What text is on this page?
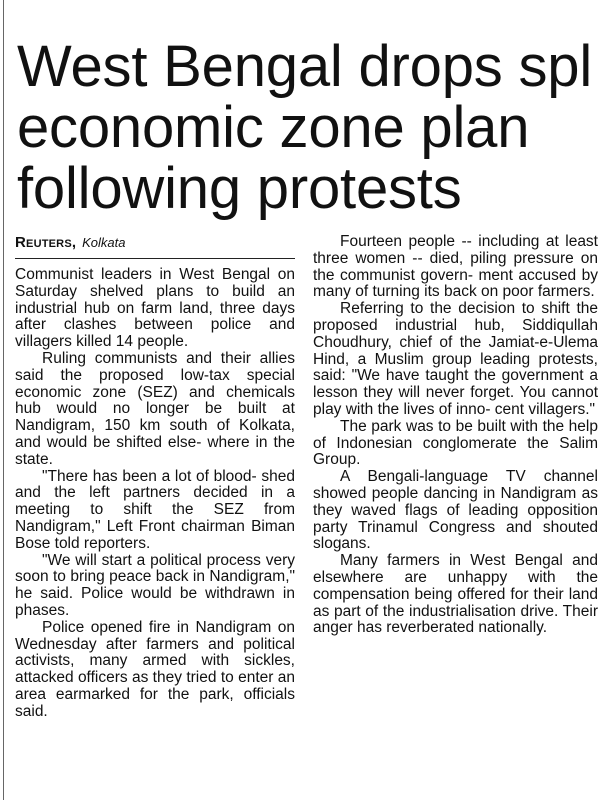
West Bengal drops spl
economic zone plan
following protests
Reuters, Kolkata

Communist leaders in West Bengal on Saturday shelved plans to build an industrial hub on farm land, three days after clashes between police and villagers killed 14 people.

Ruling communists and their allies said the proposed low-tax special economic zone (SEZ) and chemicals hub would no longer be built at Nandigram, 150 km south of Kolkata, and would be shifted else- where in the state.

"There has been a lot of blood- shed and the left partners decided in a meeting to shift the SEZ from Nandigram," Left Front chairman Biman Bose told reporters.

"We will start a political process very soon to bring peace back in Nandigram," he said. Police would be withdrawn in phases.

Police opened fire in Nandigram on Wednesday after farmers and political activists, many armed with sickles, attacked officers as they tried to enter an area earmarked for the park, officials said.

Fourteen people -- including at least three women -- died, piling pressure on the communist govern- ment accused by many of turning its back on poor farmers.

Referring to the decision to shift the proposed industrial hub, Siddiqullah Choudhury, chief of the Jamiat-e-Ulema Hind, a Muslim group leading protests, said: "We have taught the government a lesson they will never forget. You cannot play with the lives of inno- cent villagers."

The park was to be built with the help of Indonesian conglomerate the Salim Group.

A Bengali-language TV channel showed people dancing in Nandigram as they waved flags of leading opposition party Trinamul Congress and shouted slogans.

Many farmers in West Bengal and elsewhere are unhappy with the compensation being offered for their land as part of the industrialisation drive. Their anger has reverberated nationally.
